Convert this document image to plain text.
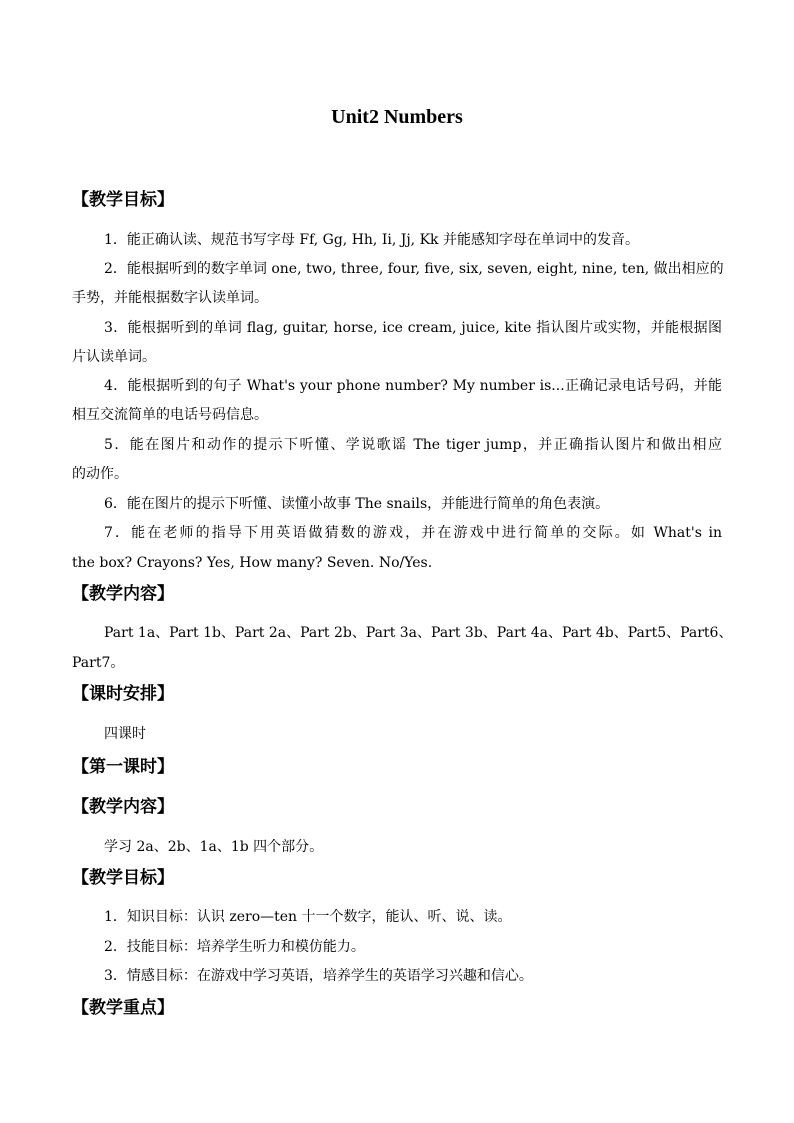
Unit2 Numbers
【教学目标】
1．能正确认读、规范书写字母 Ff, Gg, Hh, Ii, Jj, Kk 并能感知字母在单词中的发音。
2．能根据听到的数字单词 one, two, three, four, five, six, seven, eight, nine, ten, 做出相应的
手势，并能根据数字认读单词。
3．能根据听到的单词 flag, guitar, horse, ice cream, juice, kite 指认图片或实物，并能根据图
片认读单词。
4．能根据听到的句子 What's your phone number? My number is...正确记录电话号码，并能
相互交流简单的电话号码信息。
5．能在图片和动作的提示下听懂、学说歌谣 The tiger jump，并正确指认图片和做出相应
的动作。
6．能在图片的提示下听懂、读懂小故事 The snails，并能进行简单的角色表演。
7．能在老师的指导下用英语做猜数的游戏，并在游戏中进行简单的交际。如 What's in
the box? Crayons? Yes, How many? Seven. No/Yes.
【教学内容】
Part 1a、Part 1b、Part 2a、Part 2b、Part 3a、Part 3b、Part 4a、Part 4b、Part5、Part6、
Part7。
【课时安排】
四课时
【第一课时】
【教学内容】
学习 2a、2b、1a、1b 四个部分。
【教学目标】
1．知识目标：认识 zero—ten 十一个数字，能认、听、说、读。
2．技能目标：培养学生听力和模仿能力。
3．情感目标：在游戏中学习英语，培养学生的英语学习兴趣和信心。
【教学重点】
